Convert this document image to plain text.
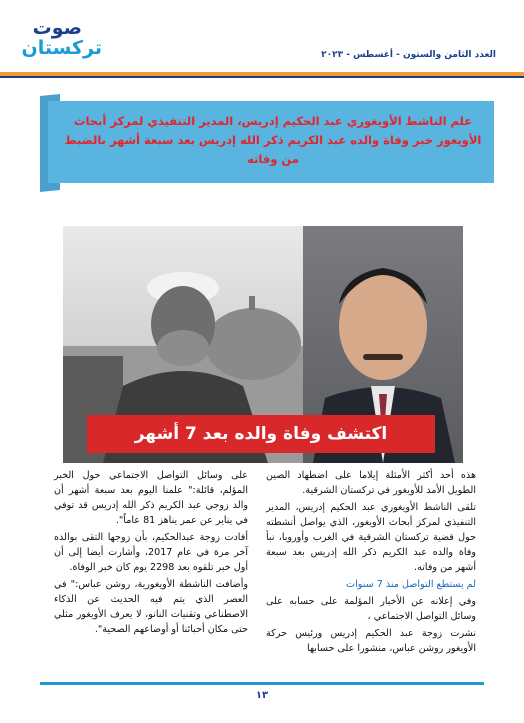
صوت
تركستان	العدد الثامن والستون - أغسطس - ٢٠٢٣
علم الناشط الأويغوري عبد الحكيم إدريس، المدير التنفيذي لمركز أبحاث الأويغور خبر وفاة والده عبد الكريم ذكر الله إدريس بعد سبعة أشهر بالضبط من وفاته
اكتشف وفاة والده بعد 7 أشهر

هذه أحد أكثر الأمثلة إيلاما على اضطهاد الصين الطويل الأمد للأويغور في تركستان الشرقية.

تلقى الناشط الأويغوري عبد الحكيم إدريس، المدير التنفيذي لمركز أبحاث الأويغور، الذي يواصل أنشطته حول قضية تركستان الشرقية في الغرب وأوروبا، نبأ وفاة والده عبد الكريم ذكر الله إدريس بعد سبعة أشهر من وفاته.

لم يستطع التواصل منذ 7 سنوات

وفي إعلانه عن الأخبار المؤلمة على حسابه على وسائل التواصل الاجتماعي ،

نشرت زوجة عبد الحكيم إدريس ورئيس حركة الأويغور روشن عباس، منشورا على حسابها

على وسائل التواصل الاجتماعي حول الخبر المؤلم، قائلة:" علمنا اليوم بعد سبعة أشهر أن والد زوجي عبد الكريم ذكر الله إدريس قد توفي في يناير عن عمر يناهز 81 عاماً".

أفادت زوجة عبدالحكيم، بأن زوجها التقى بوالده آخر مرة في عام 2017، وأشارت أيضا إلى أن أول خبر تلقوه بعد 2298 يوم كان خبر الوفاة.

وأضافت الناشطة الأويغورية، روشن عباس:" في العصر الذي يتم فيه الحديث عن الذكاء الاصطناعي وتقنيات النانو، لا يعرف الأويغور مثلي حتى مكان أحبائنا أو أوضاعهم الصحية".

١٣
